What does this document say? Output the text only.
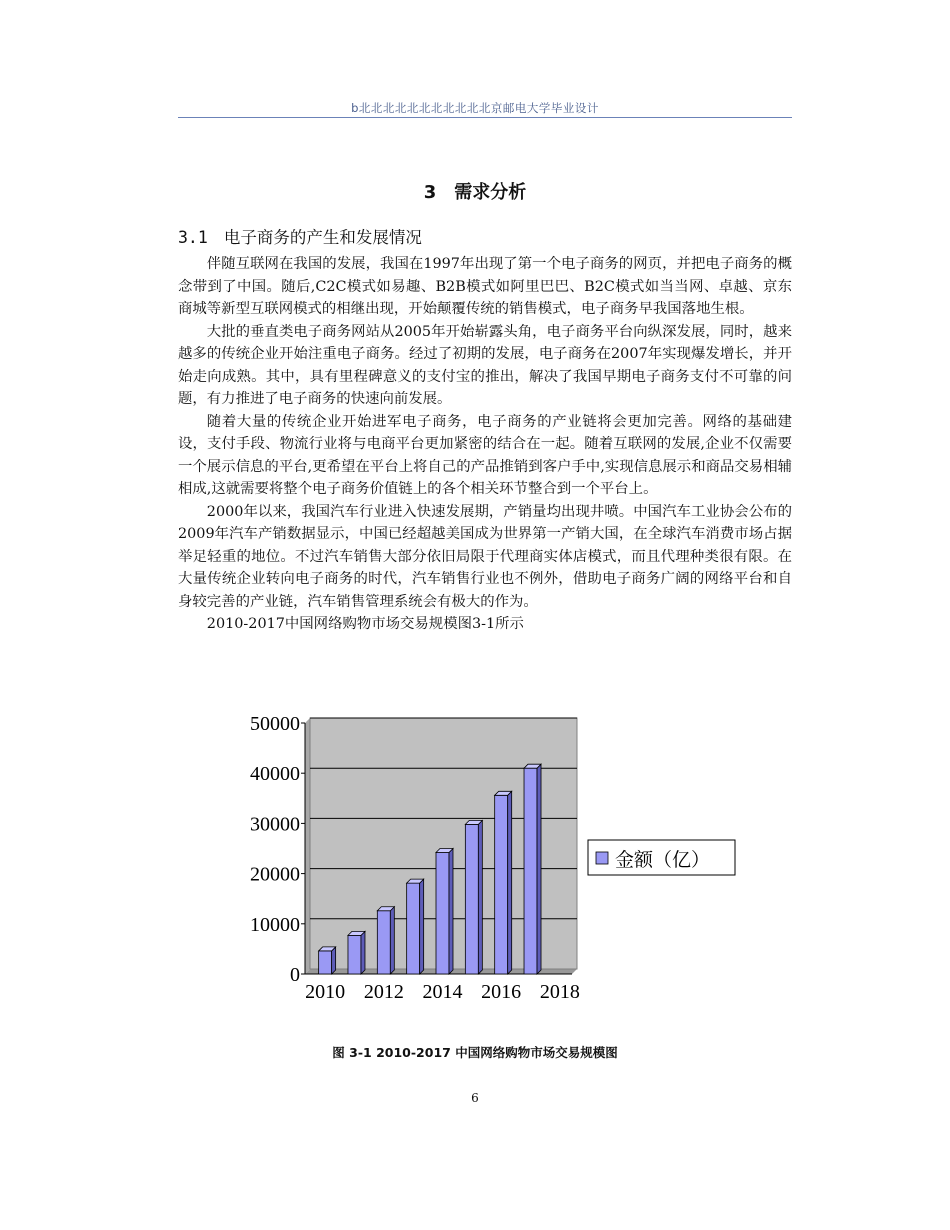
b北北北北北北北北北北北京邮电大学毕业设计
3 需求分析
3.1 电子商务的产生和发展情况

伴随互联网在我国的发展，我国在1997年出现了第一个电子商务的网页，并把电子商务的概念带到了中国。随后,C2C模式如易趣、B2B模式如阿里巴巴、B2C模式如当当网、卓越、京东商城等新型互联网模式的相继出现，开始颠覆传统的销售模式，电子商务早我国落地生根。

大批的垂直类电子商务网站从2005年开始崭露头角，电子商务平台向纵深发展，同时，越来越多的传统企业开始注重电子商务。经过了初期的发展，电子商务在2007年实现爆发增长，并开始走向成熟。其中，具有里程碑意义的支付宝的推出，解决了我国早期电子商务支付不可靠的问题，有力推进了电子商务的快速向前发展。

随着大量的传统企业开始进军电子商务，电子商务的产业链将会更加完善。网络的基础建设，支付手段、物流行业将与电商平台更加紧密的结合在一起。随着互联网的发展,企业不仅需要一个展示信息的平台,更希望在平台上将自己的产品推销到客户手中,实现信息展示和商品交易相辅相成,这就需要将整个电子商务价值链上的各个相关环节整合到一个平台上。

2000年以来，我国汽车行业进入快速发展期，产销量均出现井喷。中国汽车工业协会公布的2009年汽车产销数据显示，中国已经超越美国成为世界第一产销大国，在全球汽车消费市场占据举足轻重的地位。不过汽车销售大部分依旧局限于代理商实体店模式，而且代理种类很有限。在大量传统企业转向电子商务的时代，汽车销售行业也不例外，借助电子商务广阔的网络平台和自身较完善的产业链，汽车销售管理系统会有极大的作为。

2010-2017中国网络购物市场交易规模图3-1所示

0
10000
20000
30000
40000
50000
2010 2012 2014 2016 2018
金额（亿）
图 3-1 2010-2017 中国网络购物市场交易规模图
6
